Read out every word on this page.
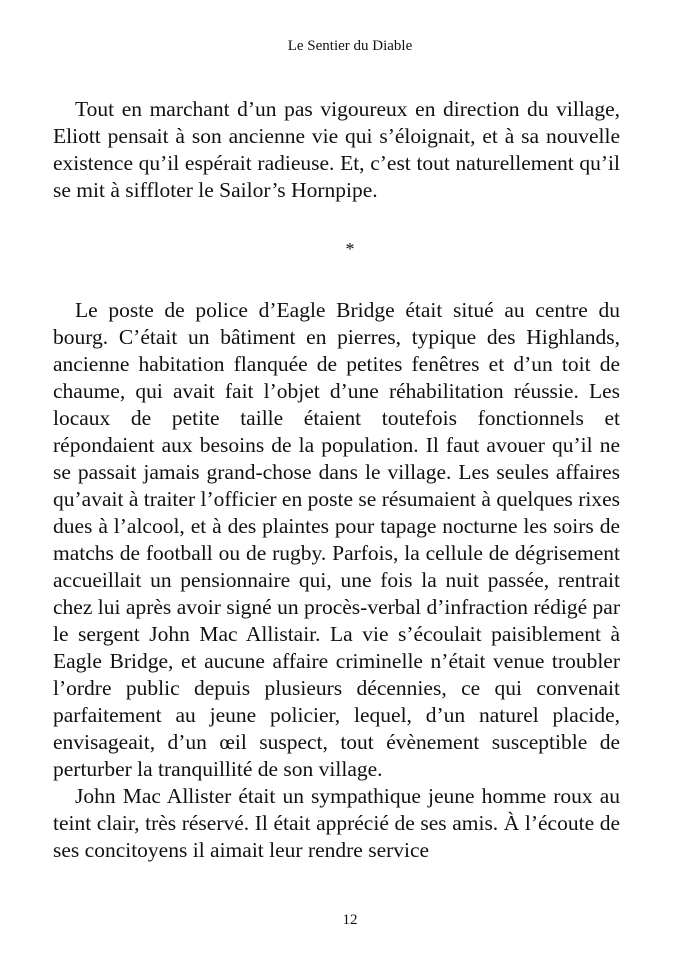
Le Sentier du Diable

Tout en marchant d’un pas vigoureux en direction du village, Eliott pensait à son ancienne vie qui s’éloignait, et à sa nouvelle existence qu’il espérait radieuse. Et, c’est tout naturellement qu’il se mit à siffloter le Sailor’s Hornpipe.

*

Le poste de police d’Eagle Bridge était situé au centre du bourg. C’était un bâtiment en pierres, typique des Highlands, ancienne habitation flanquée de petites fenêtres et d’un toit de chaume, qui avait fait l’objet d’une réhabilitation réussie. Les locaux de petite taille étaient toutefois fonctionnels et répondaient aux besoins de la population. Il faut avouer qu’il ne se passait jamais grand-chose dans le village. Les seules affaires qu’avait à traiter l’officier en poste se résumaient à quelques rixes dues à l’alcool, et à des plaintes pour tapage nocturne les soirs de matchs de football ou de rugby. Parfois, la cellule de dégrisement accueillait un pensionnaire qui, une fois la nuit passée, rentrait chez lui après avoir signé un procès-verbal d’infraction rédigé par le sergent John Mac Allistair. La vie s’écoulait paisiblement à Eagle Bridge, et aucune affaire criminelle n’était venue troubler l’ordre public depuis plusieurs décennies, ce qui convenait parfaitement au jeune policier, lequel, d’un naturel placide, envisageait, d’un œil suspect, tout évènement susceptible de perturber la tranquillité de son village.

John Mac Allister était un sympathique jeune homme roux au teint clair, très réservé. Il était apprécié de ses amis. À l’écoute de ses concitoyens il aimait leur rendre service

12
